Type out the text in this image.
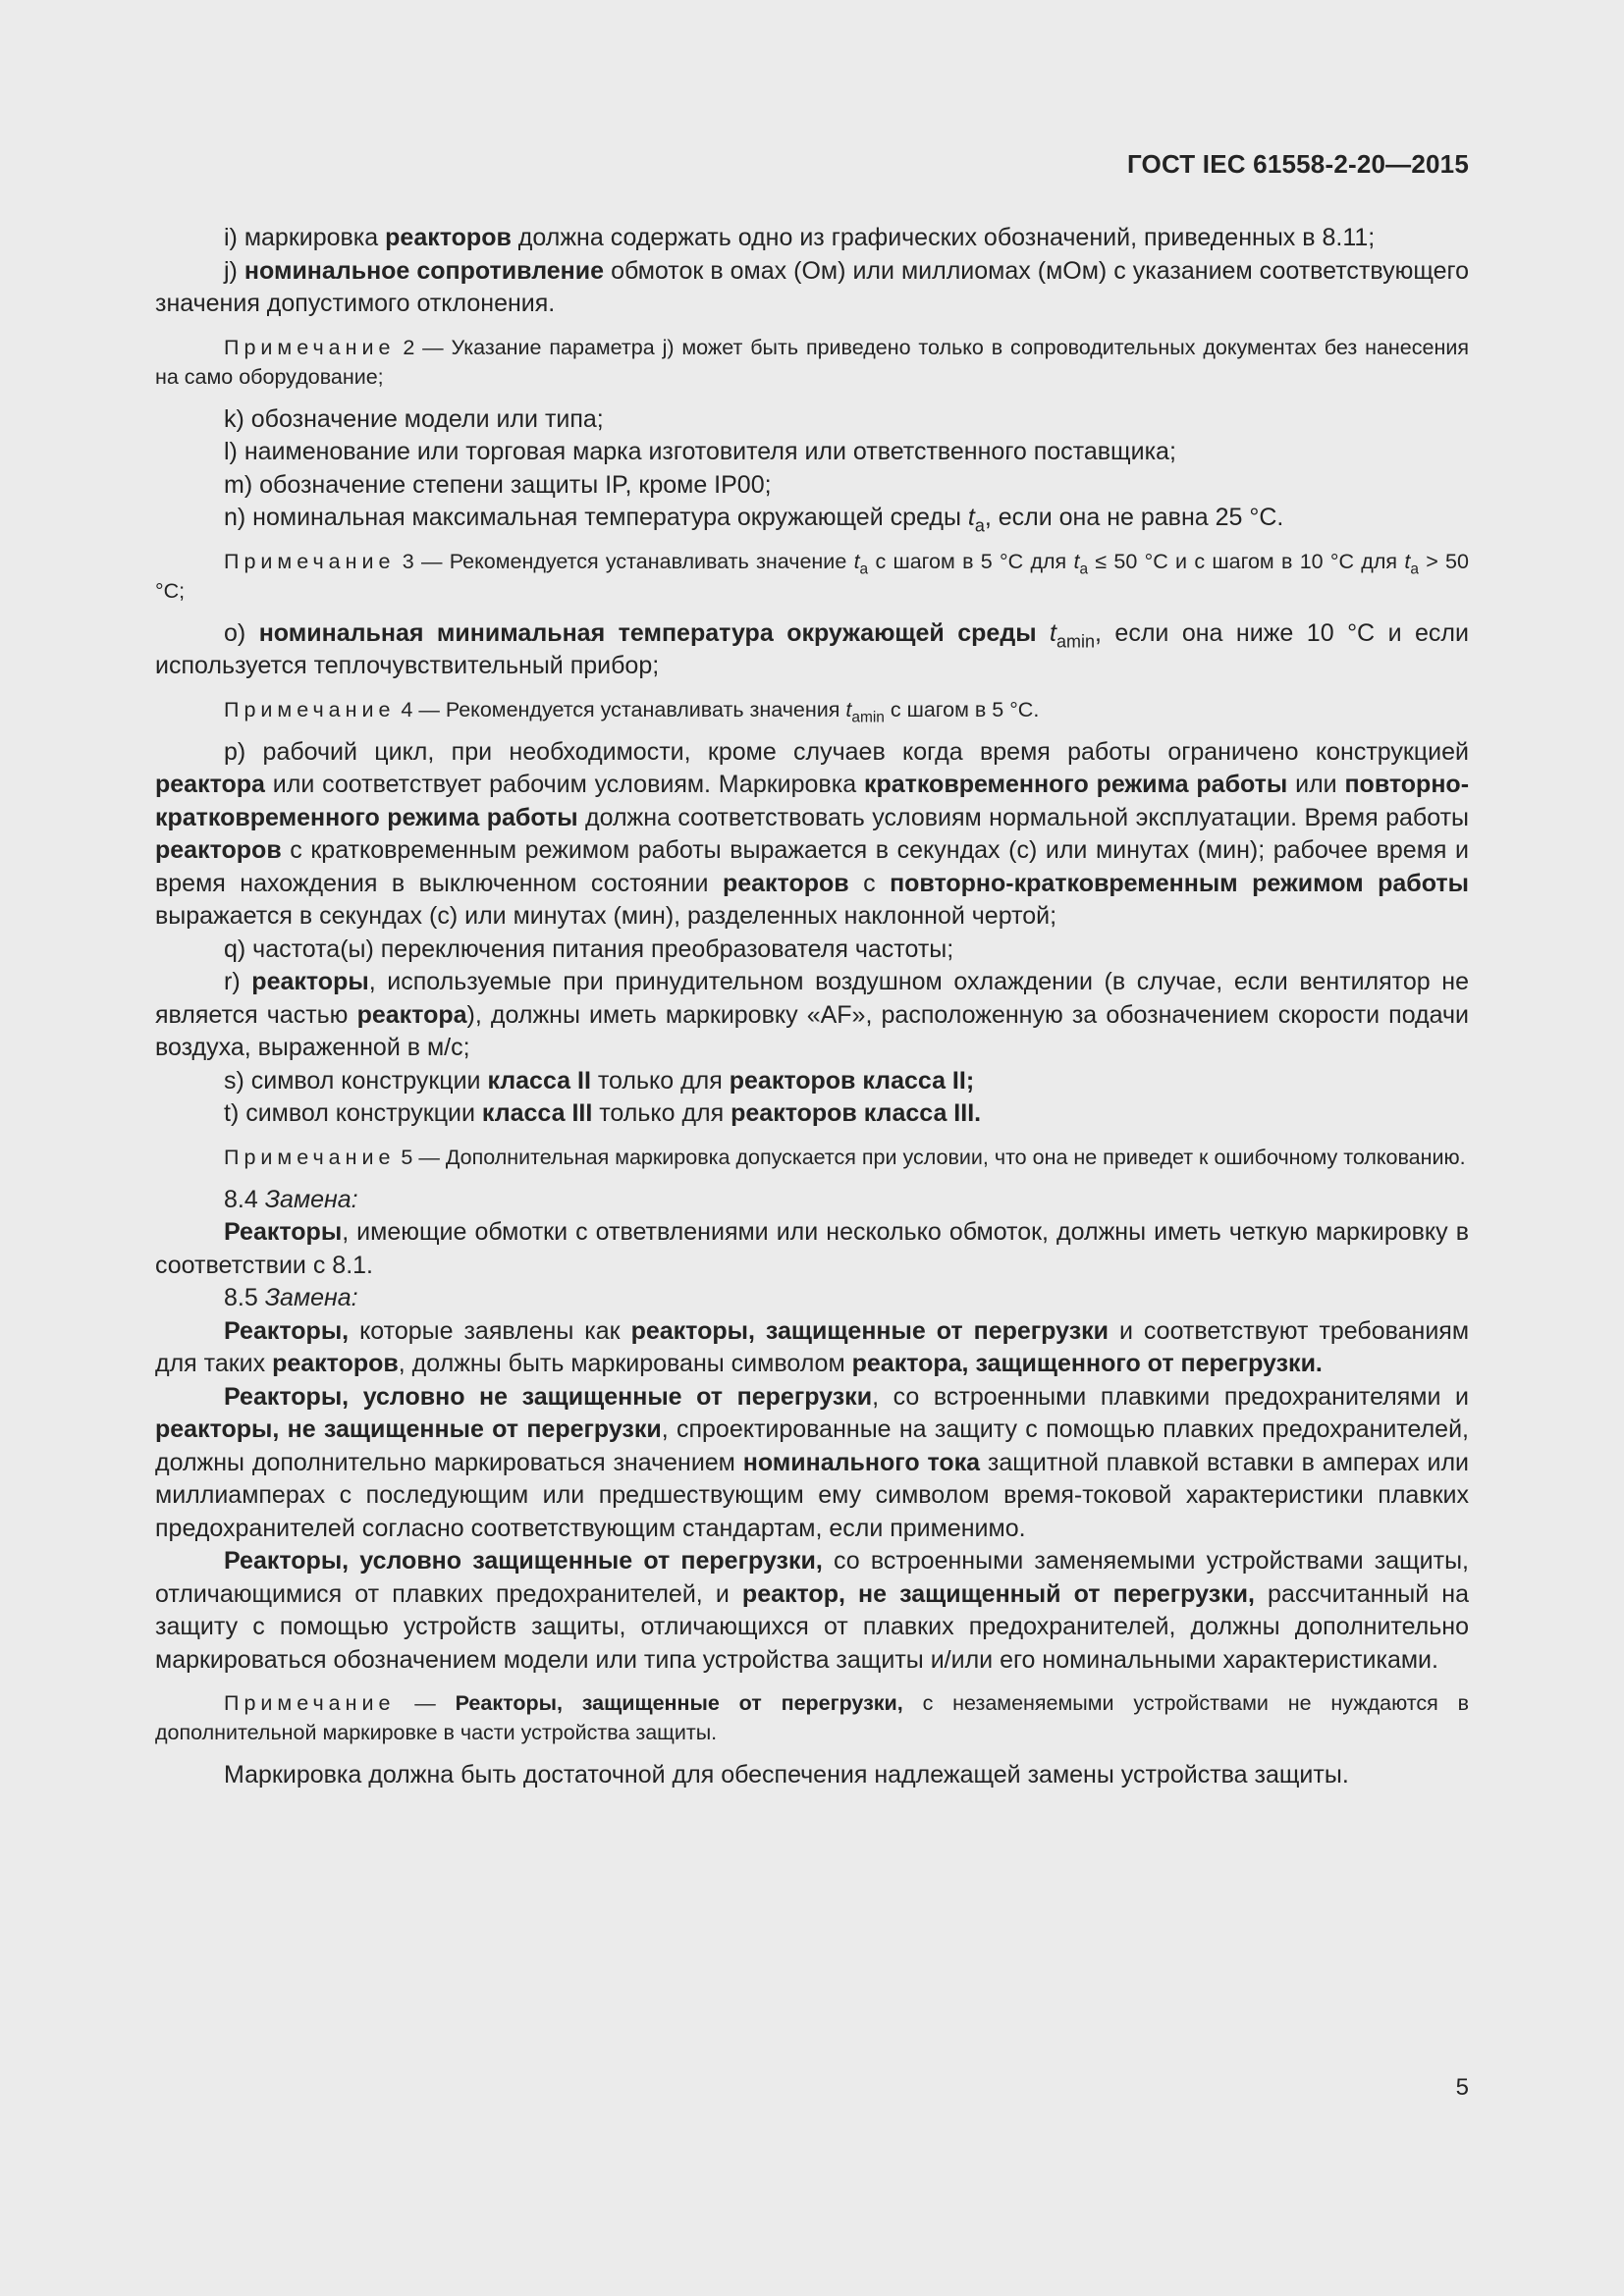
ГОСТ IEC 61558-2-20—2015

i) маркировка реакторов должна содержать одно из графических обозначений, приведенных в 8.11;

j) номинальное сопротивление обмоток в омах (Ом) или миллиомах (мОм) с указанием соответствующего значения допустимого отклонения.

Примечание 2 — Указание параметра j) может быть приведено только в сопроводительных документах без нанесения на само оборудование;

k) обозначение модели или типа;

l) наименование или торговая марка изготовителя или ответственного поставщика;

m) обозначение степени защиты IP, кроме IP00;

n) номинальная максимальная температура окружающей среды $t_a$, если она не равна 25 °С.

Примечание 3 — Рекомендуется устанавливать значение $t_a$ с шагом в 5 °С для $t_a \le 50$ °С и с шагом в 10 °С для $t_a > 50$ °С;

о) номинальная минимальная температура окружающей среды $t_{amin}$, если она ниже 10 °С и если используется теплочувствительный прибор;

Примечание 4 — Рекомендуется устанавливать значения $t_{amin}$ с шагом в 5 °С.

р) рабочий цикл, при необходимости, кроме случаев когда время работы ограничено конструкцией реактора или соответствует рабочим условиям. Маркировка кратковременного режима работы или повторно-кратковременного режима работы должна соответствовать условиям нормальной эксплуатации. Время работы реакторов с кратковременным режимом работы выражается в секундах (с) или минутах (мин); рабочее время и время нахождения в выключенном состоянии реакторов с повторно-кратковременным режимом работы выражается в секундах (с) или минутах (мин), разделенных наклонной чертой;

q) частота(ы) переключения питания преобразователя частоты;

r) реакторы, используемые при принудительном воздушном охлаждении (в случае, если вентилятор не является частью реактора), должны иметь маркировку «AF», расположенную за обозначением скорости подачи воздуха, выраженной в м/с;

s) символ конструкции класса II только для реакторов класса II;

t) символ конструкции класса III только для реакторов класса III.

Примечание 5 — Дополнительная маркировка допускается при условии, что она не приведет к ошибочному толкованию.

8.4 Замена:

Реакторы, имеющие обмотки с ответвлениями или несколько обмоток, должны иметь четкую маркировку в соответствии с 8.1.

8.5 Замена:

Реакторы, которые заявлены как реакторы, защищенные от перегрузки и соответствуют требованиям для таких реакторов, должны быть маркированы символом реактора, защищенного от перегрузки.

Реакторы, условно не защищенные от перегрузки, со встроенными плавкими предохранителями и реакторы, не защищенные от перегрузки, спроектированные на защиту с помощью плавких предохранителей, должны дополнительно маркироваться значением номинального тока защитной плавкой вставки в амперах или миллиамперах с последующим или предшествующим ему символом время-токовой характеристики плавких предохранителей согласно соответствующим стандартам, если применимо.

Реакторы, условно защищенные от перегрузки, со встроенными заменяемыми устройствами защиты, отличающимися от плавких предохранителей, и реактор, не защищенный от перегрузки, рассчитанный на защиту с помощью устройств защиты, отличающихся от плавких предохранителей, должны дополнительно маркироваться обозначением модели или типа устройства защиты и/или его номинальными характеристиками.

Примечание — Реакторы, защищенные от перегрузки, с незаменяемыми устройствами не нуждаются в дополнительной маркировке в части устройства защиты.

Маркировка должна быть достаточной для обеспечения надлежащей замены устройства защиты.

5
